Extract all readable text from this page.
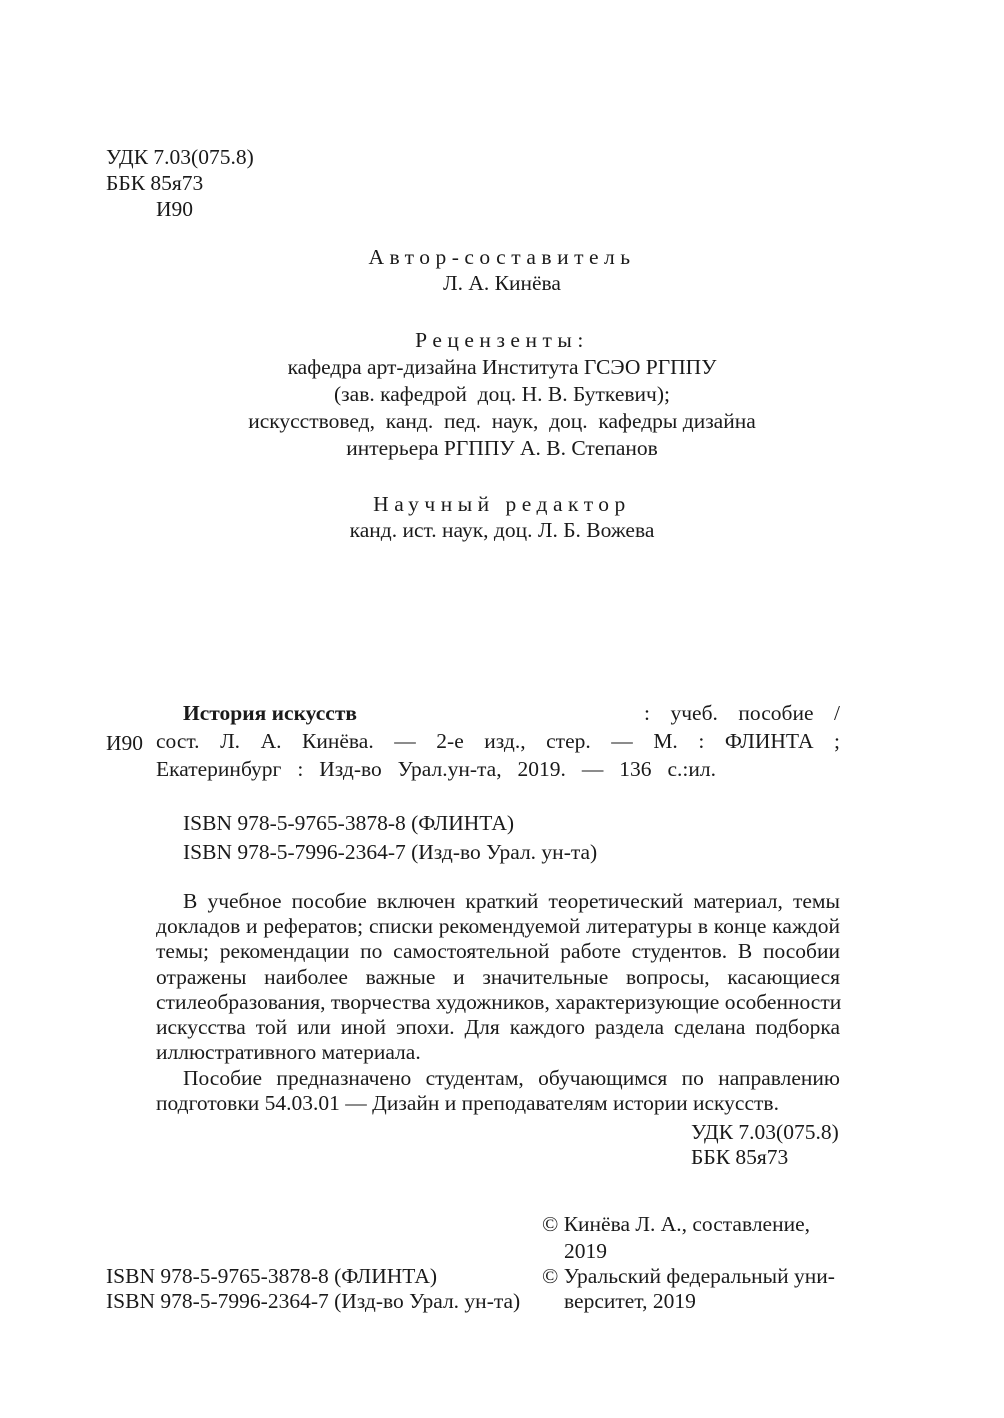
УДК 7.03(075.8)
ББК 85я73
И90
Автор-составитель
Л. А. Кинёва
Рецензенты:
кафедра арт-дизайна Института ГСЭО РГППУ
(зав. кафедрой  доц. Н. В. Буткевич);
искусствовед,  канд.  пед.  наук,  доц.  кафедры дизайна
интерьера РГППУ А. В. Степанов
Научный редактор
канд. ист. наук, доц. Л. Б. Вожева
История искусств	: учеб. пособие /
И90 сост. Л. А. Кинёва. — 2-е изд., стер. — М. : ФЛИНТА ;
Екатеринбург : Изд-во Урал.ун-та, 2019. — 136 с.:ил.
ISBN 978-5-9765-3878-8 (ФЛИНТА)
ISBN 978-5-7996-2364-7 (Изд-во Урал. ун-та)
В учебное пособие включен краткий теоретический материал, темы
докладов и рефератов; списки рекомендуемой литературы в конце каждой
темы; рекомендации по самостоятельной работе студентов. В пособии
отражены наиболее важные и значительные вопросы, касающиеся
стилеобразования, творчества художников, характеризующие особенности
искусства той или иной эпохи. Для каждого раздела сделана подборка
иллюстративного материала.
Пособие предназначено студентам, обучающимся по направлению
подготовки 54.03.01 — Дизайн и преподавателям истории искусств.
УДК 7.03(075.8)
ББК 85я73
© Кинёва Л. А., составление,
2019
© Уральский федеральный уни-
верситет, 2019
ISBN 978-5-9765-3878-8 (ФЛИНТА)
ISBN 978-5-7996-2364-7 (Изд-во Урал. ун-та)
